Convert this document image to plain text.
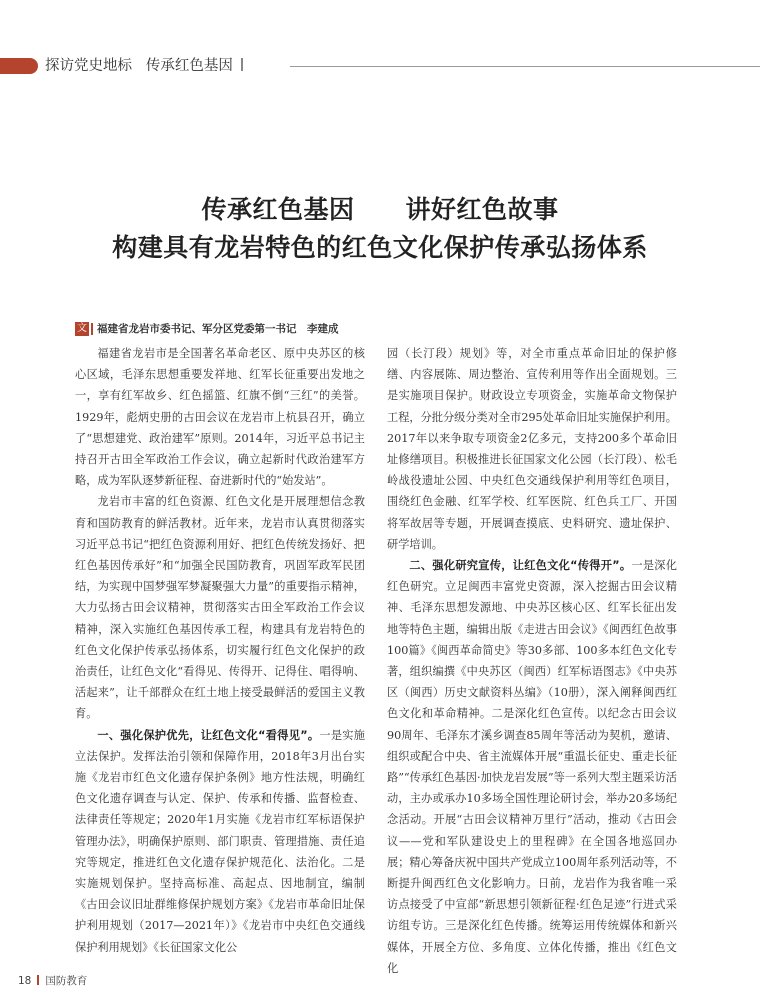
探访党史地标 传承红色基因
传承红色基因　　讲好红色故事
构建具有龙岩特色的红色文化保护传承弘扬体系
文 福建省龙岩市委书记、军分区党委第一书记　李建成

福建省龙岩市是全国著名革命老区、原中央苏区的核心区域，毛泽东思想重要发祥地、红军长征重要出发地之一，享有红军故乡、红色摇篮、红旗不倒“三红”的美誉。1929年，彪炳史册的古田会议在龙岩市上杭县召开，确立了“思想建党、政治建军”原则。2014年，习近平总书记主持召开古田全军政治工作会议，确立起新时代政治建军方略，成为军队逐梦新征程、奋进新时代的“始发站”。

龙岩市丰富的红色资源、红色文化是开展理想信念教育和国防教育的鲜活教材。近年来，龙岩市认真贯彻落实习近平总书记“把红色资源利用好、把红色传统发扬好、把红色基因传承好”和“加强全民国防教育，巩固军政军民团结，为实现中国梦强军梦凝聚强大力量”的重要指示精神，大力弘扬古田会议精神，贯彻落实古田全军政治工作会议精神，深入实施红色基因传承工程，构建具有龙岩特色的红色文化保护传承弘扬体系，切实履行红色文化保护的政治责任，让红色文化“看得见、传得开、记得住、唱得响、活起来”，让千部群众在红土地上接受最鲜活的爱国主义教育。

一、强化保护优先，让红色文化“看得见”。一是实施立法保护。发挥法治引领和保障作用，2018年3月出台实施《龙岩市红色文化遗存保护条例》地方性法规，明确红色文化遗存调查与认定、保护、传承和传播、监督检查、法律责任等规定；2020年1月实施《龙岩市红军标语保护管理办法》，明确保护原则、部门职责、管理措施、责任追究等规定，推进红色文化遗存保护规范化、法治化。二是实施规划保护。坚持高标准、高起点、因地制宜，编制《古田会议旧址群维修保护规划方案》《龙岩市革命旧址保护利用规划（2017—2021年）》《龙岩市中央红色交通线保护利用规划》《长征国家文化公

园（长汀段）规划》等，对全市重点革命旧址的保护修缮、内容展陈、周边整治、宣传利用等作出全面规划。三是实施项目保护。财政设立专项资金，实施革命文物保护工程，分批分级分类对全市295处革命旧址实施保护利用。2017年以来争取专项资金2亿多元，支持200多个革命旧址修缮项目。积极推进长征国家文化公园（长汀段）、松毛岭战役遗址公园、中央红色交通线保护利用等红色项目，围绕红色金融、红军学校、红军医院、红色兵工厂、开国将军故居等专题，开展调查摸底、史料研究、遗址保护、研学培训。

二、强化研究宣传，让红色文化“传得开”。一是深化红色研究。立足闽西丰富党史资源，深入挖掘古田会议精神、毛泽东思想发源地、中央苏区核心区、红军长征出发地等特色主题，编辑出版《走进古田会议》《闽西红色故事100篇》《闽西革命简史》等30多部、100多本红色文化专著，组织编撰《中央苏区（闽西）红军标语图志》《中央苏区（闽西）历史文献资料丛编》（10册），深入阐释闽西红色文化和革命精神。二是深化红色宣传。以纪念古田会议90周年、毛泽东才溪乡调查85周年等活动为契机，邀请、组织或配合中央、省主流媒体开展“重温长征史、重走长征路”“传承红色基因·加快龙岩发展”等一系列大型主题采访活动，主办或承办10多场全国性理论研讨会，举办20多场纪念活动。开展“古田会议精神万里行”活动，推动《古田会议——党和军队建设史上的里程碑》在全国各地巡回办展；精心筹备庆祝中国共产党成立100周年系列活动等，不断提升闽西红色文化影响力。日前，龙岩作为我省唯一采访点接受了中宣部“新思想引领新征程·红色足迹”行进式采访组专访。三是深化红色传播。统筹运用传统媒体和新兴媒体，开展全方位、多角度、立体化传播，推出《红色文化

18 国防教育
